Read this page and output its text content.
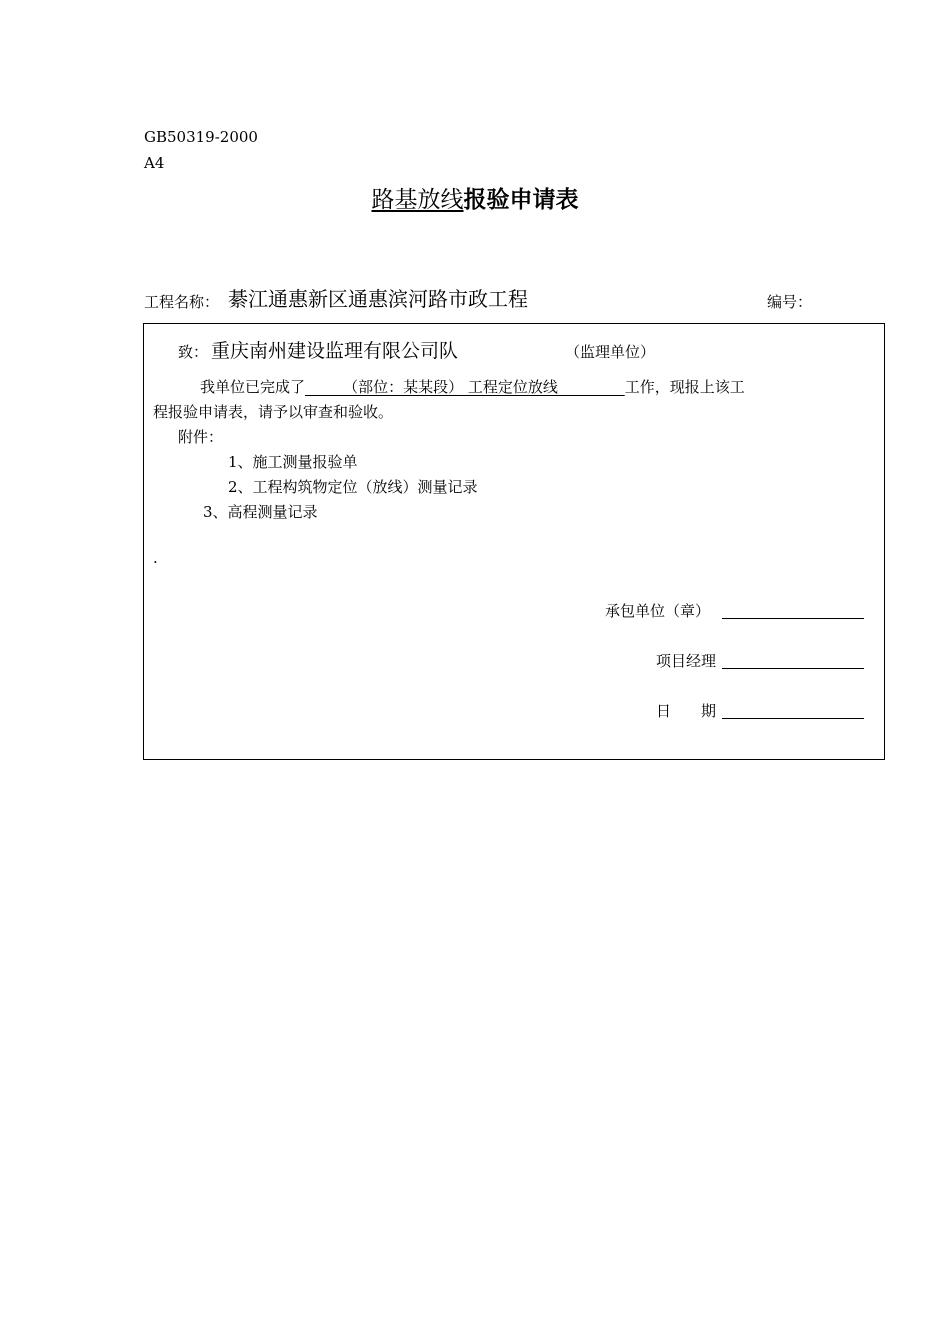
GB50319-2000
A4
路基放线报验申请表
工程名称： 綦江通惠新区通惠滨河路市政工程	编号：
致： 重庆南州建设监理有限公司队	（监理单位）
我单位已完成了        （部位：某某段） 工程定位放线              工作，现报上该工
程报验申请表，请予以审查和验收。
附件：
1、施工测量报验单
2、工程构筑物定位（放线）测量记录
3、高程测量记录
.
承包单位（章）
项目经理
日　　期
